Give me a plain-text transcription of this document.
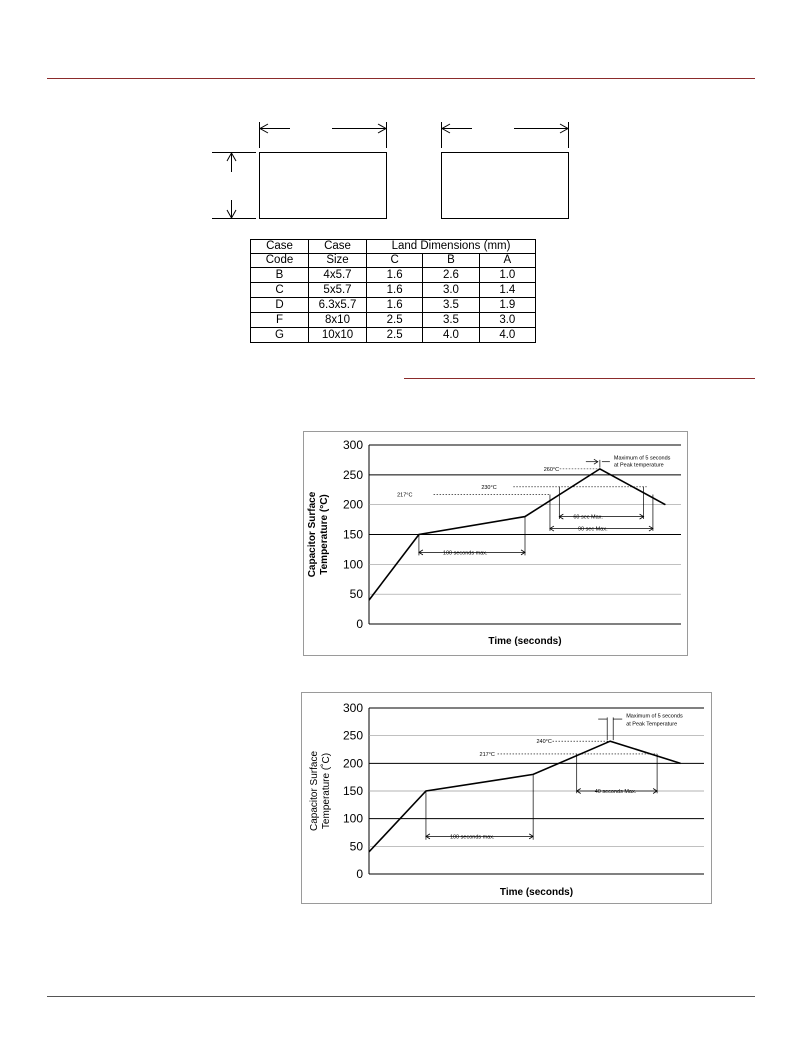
Case	Case	Land Dimensions (mm)		
Code	Size	C	B	A
B	4x5.7	1.6	2.6	1.0
C	5x5.7	1.6	3.0	1.4
D	6.3x5.7	1.6	3.5	1.9
F	8x10	2.5	3.5	3.0
G	10x10	2.5	4.0	4.0
0
50
100
150
200
250
300
Capacitor Surface Temperature (°C)
Time (seconds)
260°C
230°C
217°C
100 seconds max.
60 sec Max.
90 sec Max.
Maximum of 5 seconds
at Peak temperature
0
50
100
150
200
250
300
Capacitor Surface Temperature (˚C)
Time (seconds)
240°C
217°C
100 seconds max.
40 seconds Max.
Maximum of 5 seconds
at Peak Temperature
